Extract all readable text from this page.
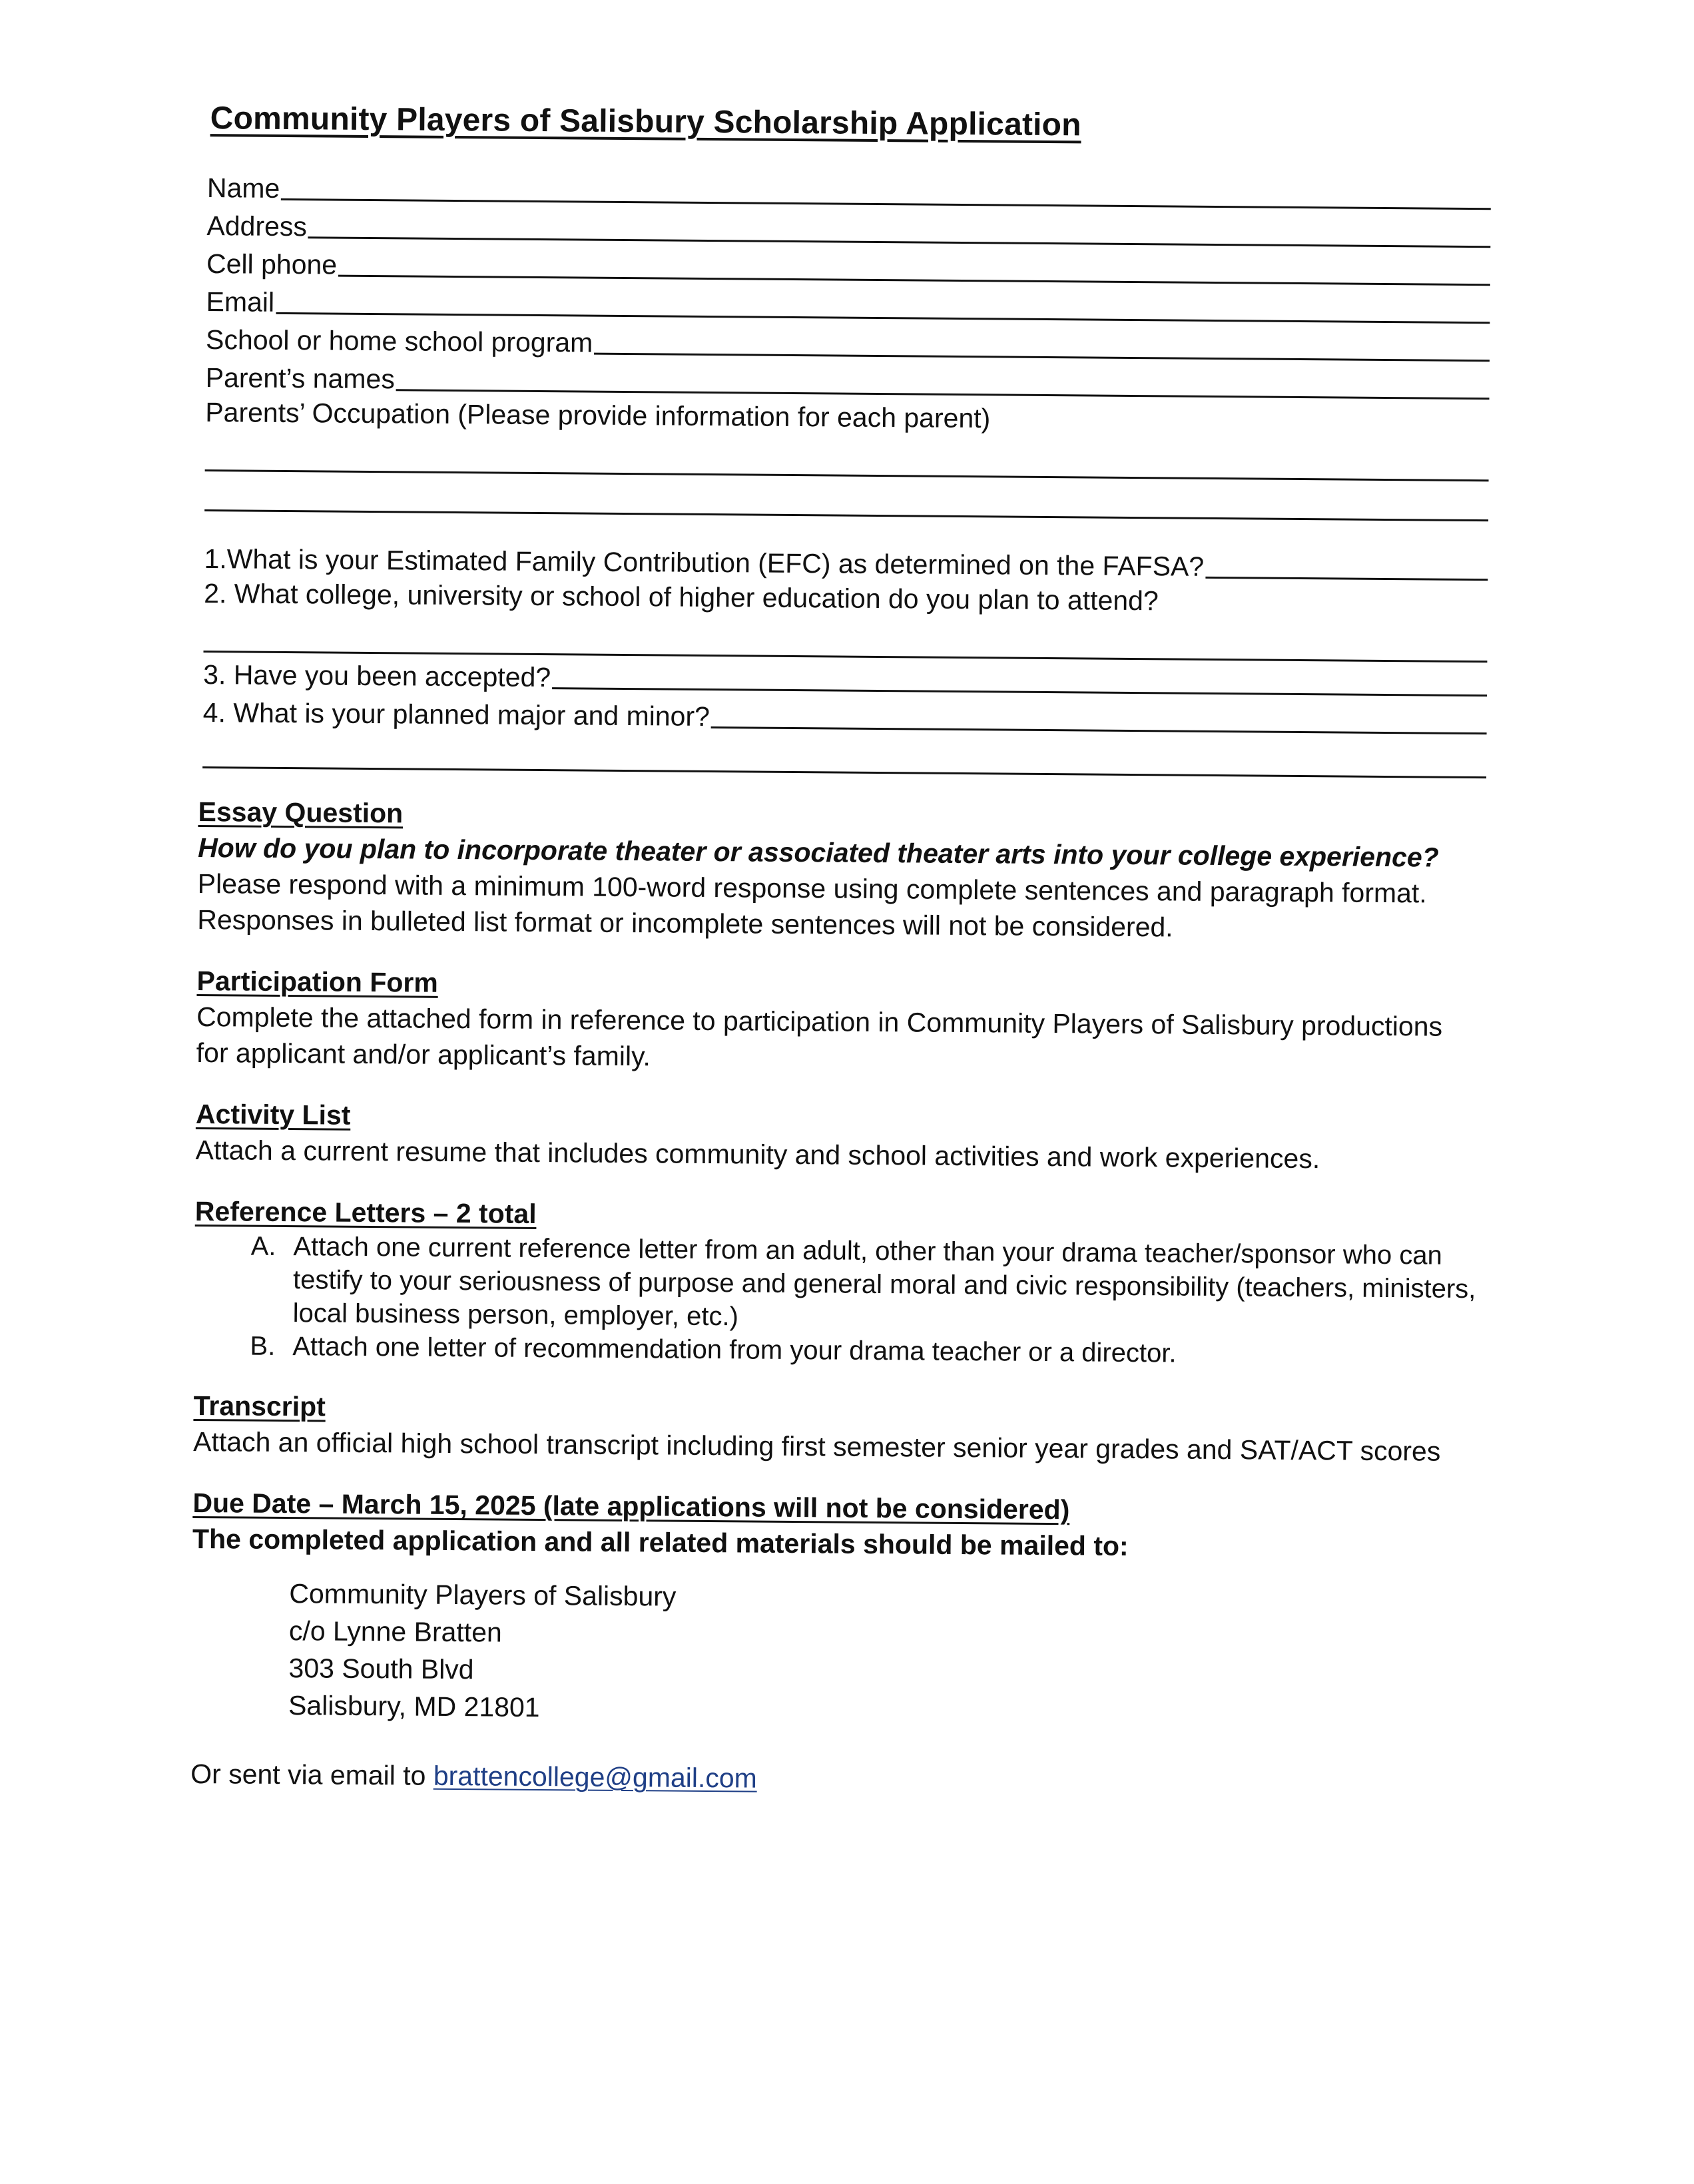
Community Players of Salisbury Scholarship Application
Name
Address
Cell phone
Email
School or home school program
Parent’s names
Parents’ Occupation (Please provide information for each parent)
1.What is your Estimated Family Contribution (EFC) as determined on the FAFSA?
2. What college, university or school of higher education do you plan to attend?
3. Have you been accepted?
4. What is your planned major and minor?
Essay Question
How do you plan to incorporate theater or associated theater arts into your college experience?
Please respond with a minimum 100-word response using complete sentences and paragraph format.
Responses in bulleted list format or incomplete sentences will not be considered.
Participation Form
Complete the attached form in reference to participation in Community Players of Salisbury productions
for applicant and/or applicant’s family.
Activity List
Attach a current resume that includes community and school activities and work experiences.
Reference Letters – 2 total
A. Attach one current reference letter from an adult, other than your drama teacher/sponsor who can testify to your seriousness of purpose and general moral and civic responsibility (teachers, ministers, local business person, employer, etc.)
B. Attach one letter of recommendation from your drama teacher or a director.
Transcript
Attach an official high school transcript including first semester senior year grades and SAT/ACT scores
Due Date – March 15, 2025 (late applications will not be considered)
The completed application and all related materials should be mailed to:
Community Players of Salisbury
c/o Lynne Bratten
303 South Blvd
Salisbury, MD 21801
Or sent via email to brattencollege@gmail.com
